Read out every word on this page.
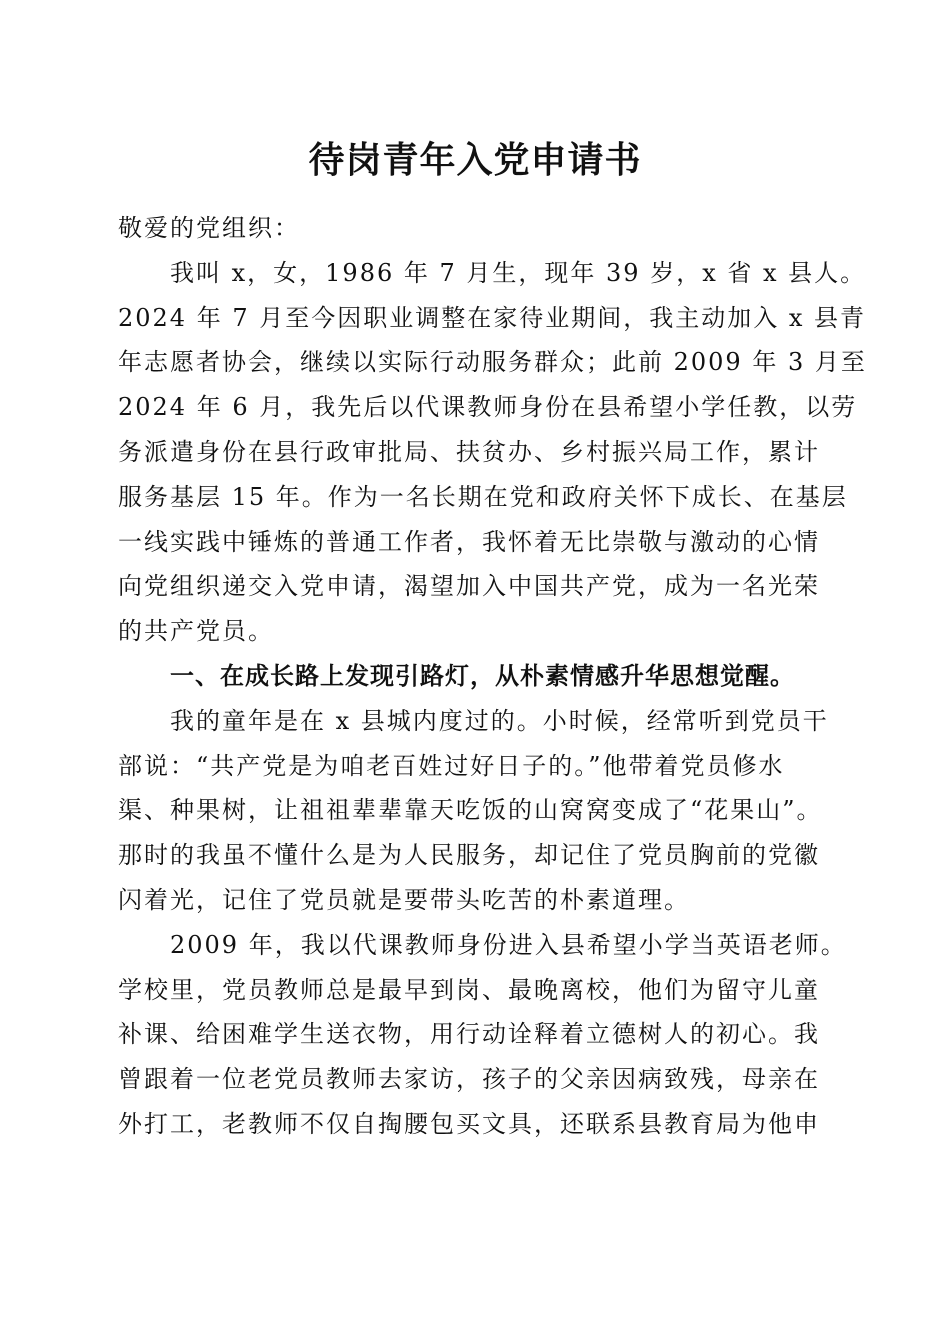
待岗青年入党申请书
敬爱的党组织：
我叫 x，女，1986 年 7 月生，现年 39 岁，x 省 x 县人。
2024 年 7 月至今因职业调整在家待业期间，我主动加入 x 县青
年志愿者协会，继续以实际行动服务群众；此前 2009 年 3 月至
2024 年 6 月，我先后以代课教师身份在县希望小学任教，以劳
务派遣身份在县行政审批局、扶贫办、乡村振兴局工作，累计
服务基层 15 年。作为一名长期在党和政府关怀下成长、在基层
一线实践中锤炼的普通工作者，我怀着无比崇敬与激动的心情
向党组织递交入党申请，渴望加入中国共产党，成为一名光荣
的共产党员。
一、在成长路上发现引路灯，从朴素情感升华思想觉醒。
我的童年是在 x 县城内度过的。小时候，经常听到党员干
部说：“共产党是为咱老百姓过好日子的。”他带着党员修水
渠、种果树，让祖祖辈辈靠天吃饭的山窝窝变成了“花果山”。
那时的我虽不懂什么是为人民服务，却记住了党员胸前的党徽
闪着光，记住了党员就是要带头吃苦的朴素道理。
2009 年，我以代课教师身份进入县希望小学当英语老师。
学校里，党员教师总是最早到岗、最晚离校，他们为留守儿童
补课、给困难学生送衣物，用行动诠释着立德树人的初心。我
曾跟着一位老党员教师去家访，孩子的父亲因病致残，母亲在
外打工，老教师不仅自掏腰包买文具，还联系县教育局为他申
